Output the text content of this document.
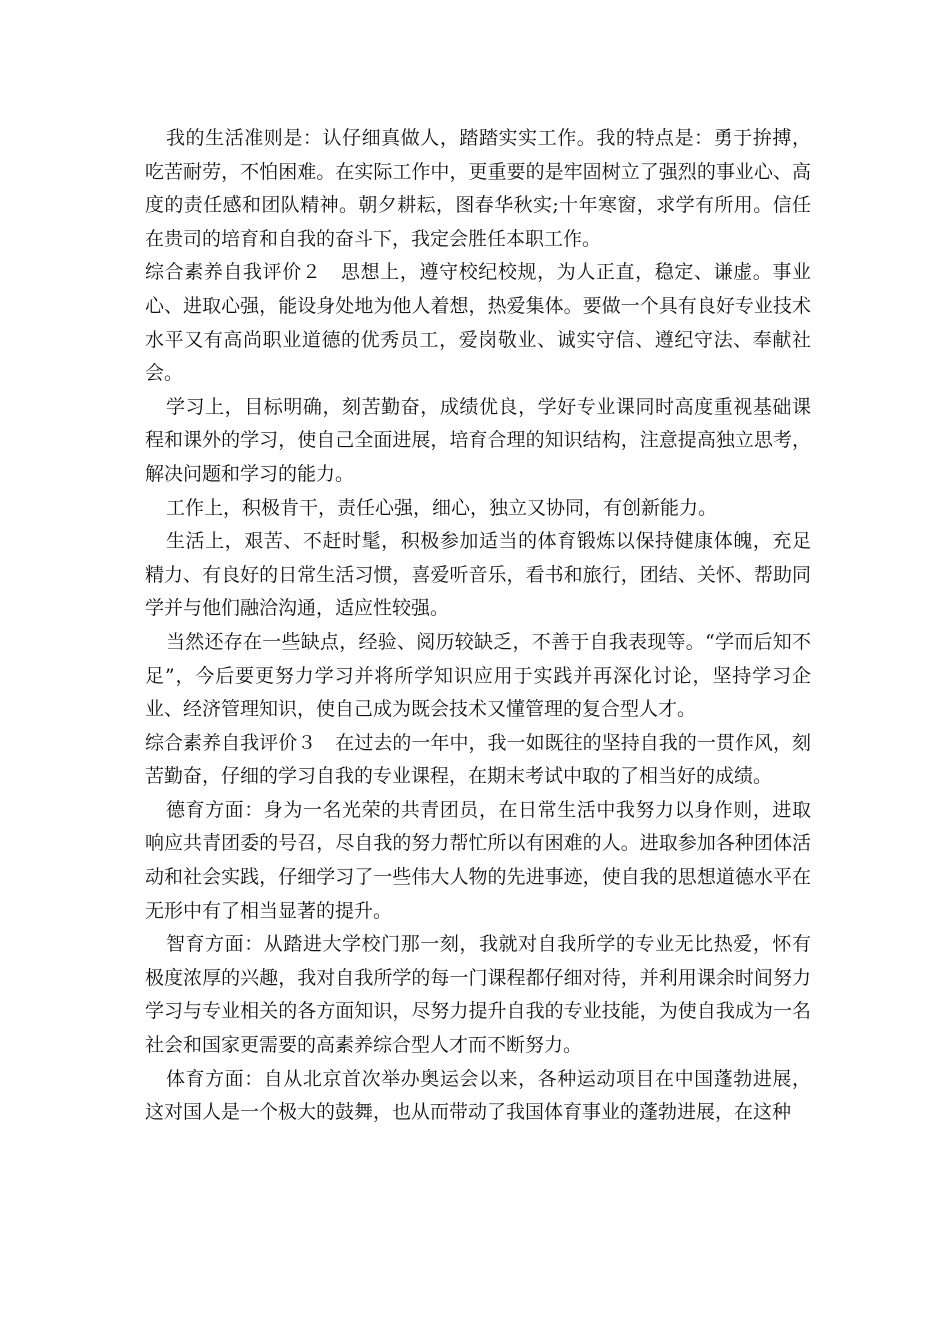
我的生活准则是：认仔细真做人，踏踏实实工作。我的特点是：勇于拚搏，吃苦耐劳，不怕困难。在实际工作中，更重要的是牢固树立了强烈的事业心、高度的责任感和团队精神。朝夕耕耘，图春华秋实;十年寒窗，求学有所用。信任在贵司的培育和自我的奋斗下，我定会胜任本职工作。

综合素养自我评价２　思想上，遵守校纪校规，为人正直，稳定、谦虚。事业心、进取心强，能设身处地为他人着想，热爱集体。要做一个具有良好专业技术水平又有高尚职业道德的优秀员工，爱岗敬业、诚实守信、遵纪守法、奉献社会。

学习上，目标明确，刻苦勤奋，成绩优良，学好专业课同时高度重视基础课程和课外的学习，使自己全面进展，培育合理的知识结构，注意提高独立思考，解决问题和学习的能力。

工作上，积极肯干，责任心强，细心，独立又协同，有创新能力。

生活上，艰苦、不赶时髦，积极参加适当的体育锻炼以保持健康体魄，充足精力、有良好的日常生活习惯，喜爱听音乐，看书和旅行，团结、关怀、帮助同学并与他们融洽沟通，适应性较强。

当然还存在一些缺点，经验、阅历较缺乏，不善于自我表现等。“学而后知不足”，今后要更努力学习并将所学知识应用于实践并再深化讨论，坚持学习企业、经济管理知识，使自己成为既会技术又懂管理的复合型人才。

综合素养自我评价３　在过去的一年中，我一如既往的坚持自我的一贯作风，刻苦勤奋，仔细的学习自我的专业课程，在期末考试中取的了相当好的成绩。

德育方面：身为一名光荣的共青团员，在日常生活中我努力以身作则，进取响应共青团委的号召，尽自我的努力帮忙所以有困难的人。进取参加各种团体活动和社会实践，仔细学习了一些伟大人物的先进事迹，使自我的思想道德水平在无形中有了相当显著的提升。

智育方面：从踏进大学校门那一刻，我就对自我所学的专业无比热爱，怀有极度浓厚的兴趣，我对自我所学的每一门课程都仔细对待，并利用课余时间努力学习与专业相关的各方面知识，尽努力提升自我的专业技能，为使自我成为一名社会和国家更需要的高素养综合型人才而不断努力。

体育方面：自从北京首次举办奥运会以来，各种运动项目在中国蓬勃进展，这对国人是一个极大的鼓舞，也从而带动了我国体育事业的蓬勃进展，在这种
